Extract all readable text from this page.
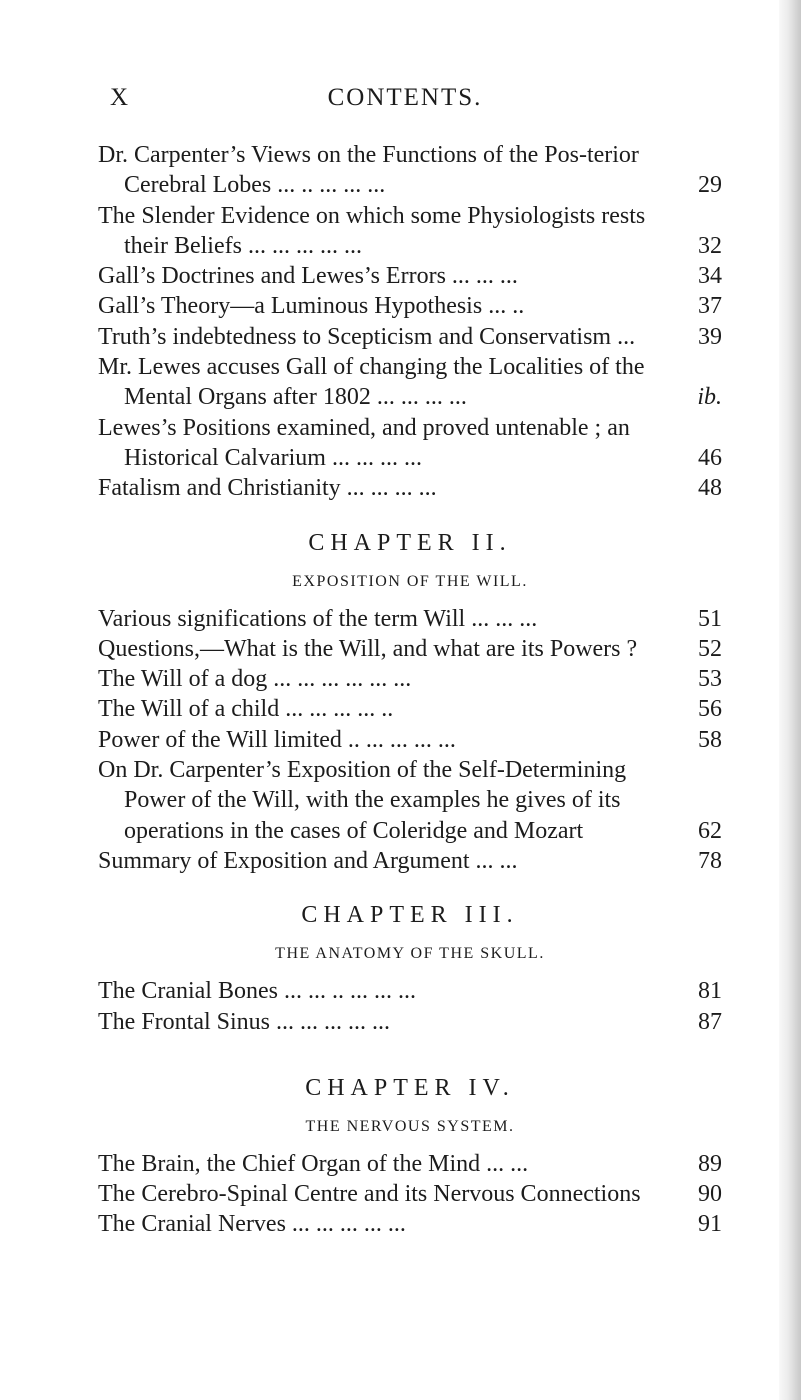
X	CONTENTS.
Dr. Carpenter’s Views on the Functions of the Pos-terior Cerebral Lobes ... .. ... ... ...	29
The Slender Evidence on which some Physiologists rests their Beliefs ... ... ... ... ...	32
Gall’s Doctrines and Lewes’s Errors ... ... ...	34
Gall’s Theory—a Luminous Hypothesis ... ..	37
Truth’s indebtedness to Scepticism and Conservatism ...	39
Mr. Lewes accuses Gall of changing the Localities of the Mental Organs after 1802 ... ... ... ...	ib.
Lewes’s Positions examined, and proved untenable ; an Historical Calvarium ... ... ... ...	46
Fatalism and Christianity ... ... ... ...	48
CHAPTER II.
EXPOSITION OF THE WILL.
Various significations of the term Will ... ... ...	51
Questions,—What is the Will, and what are its Powers ?	52
The Will of a dog ... ... ... ... ... ...	53
The Will of a child ... ... ... ... ..	56
Power of the Will limited .. ... ... ... ...	58
On Dr. Carpenter’s Exposition of the Self-Determining Power of the Will, with the examples he gives of its operations in the cases of Coleridge and Mozart	62
Summary of Exposition and Argument ... ...	78
CHAPTER III.
THE ANATOMY OF THE SKULL.
The Cranial Bones ... ... .. ... ... ...	81
The Frontal Sinus ... ... ... ... ...	87
CHAPTER IV.
THE NERVOUS SYSTEM.
The Brain, the Chief Organ of the Mind ... ...	89
The Cerebro-Spinal Centre and its Nervous Connections	90
The Cranial Nerves ... ... ... ... ...	91
